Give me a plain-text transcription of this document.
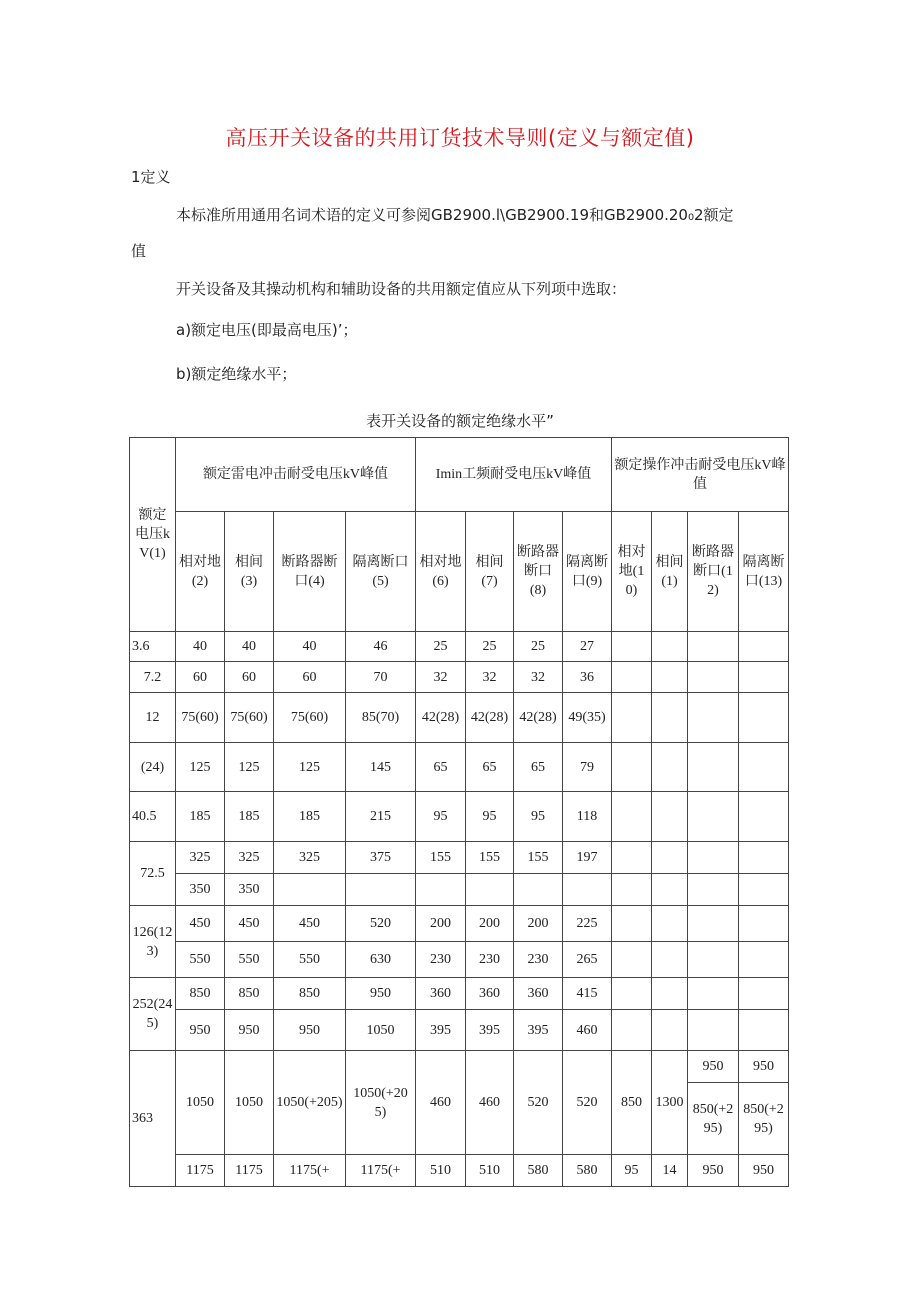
高压开关设备的共用订货技术导则(定义与额定值)

1定义

本标准所用通用名词术语的定义可参阅GB2900.l\GB2900.19和GB2900.20₀2额定

值

开关设备及其操动机构和辅助设备的共用额定值应从下列项中选取：

a)额定电压(即最高电压)’；

b)额定绝缘水平；

表开关设备的额定绝缘水平”
额定电压kV(1)	额定雷电冲击耐受电压kV峰值				Imin工频耐受电压kV峰值				额定操作冲击耐受电压kV峰值			
	相对地(2)	相间(3)	断路器断口(4)	隔离断口(5)	相对地(6)	相间(7)	断路器断口(8)	隔离断口(9)	相对地(10)	相间(1)	断路器断口(12)	隔离断口(13)
3.6	40	40	40	46	25	25	25	27				
7.2	60	60	60	70	32	32	32	36				
12	75(60)	75(60)	75(60)	85(70)	42(28)	42(28)	42(28)	49(35)				
(24)	125	125	125	145	65	65	65	79				
40.5	185	185	185	215	95	95	95	118				
72.5	325	325	325	375	155	155	155	197				
	350	350										
126(123)	450	450	450	520	200	200	200	225				
	550	550	550	630	230	230	230	265				
252(245)	850	850	850	950	360	360	360	415				
	950	950	950	1050	395	395	395	460				
363	1050	1050	1050(+205)	1050(+205)	460	460	520	520	850	1300	950	950
											850(+295)	850(+295)
	1175	1175	1175(+	1175(+	510	510	580	580	95	14	950	950
